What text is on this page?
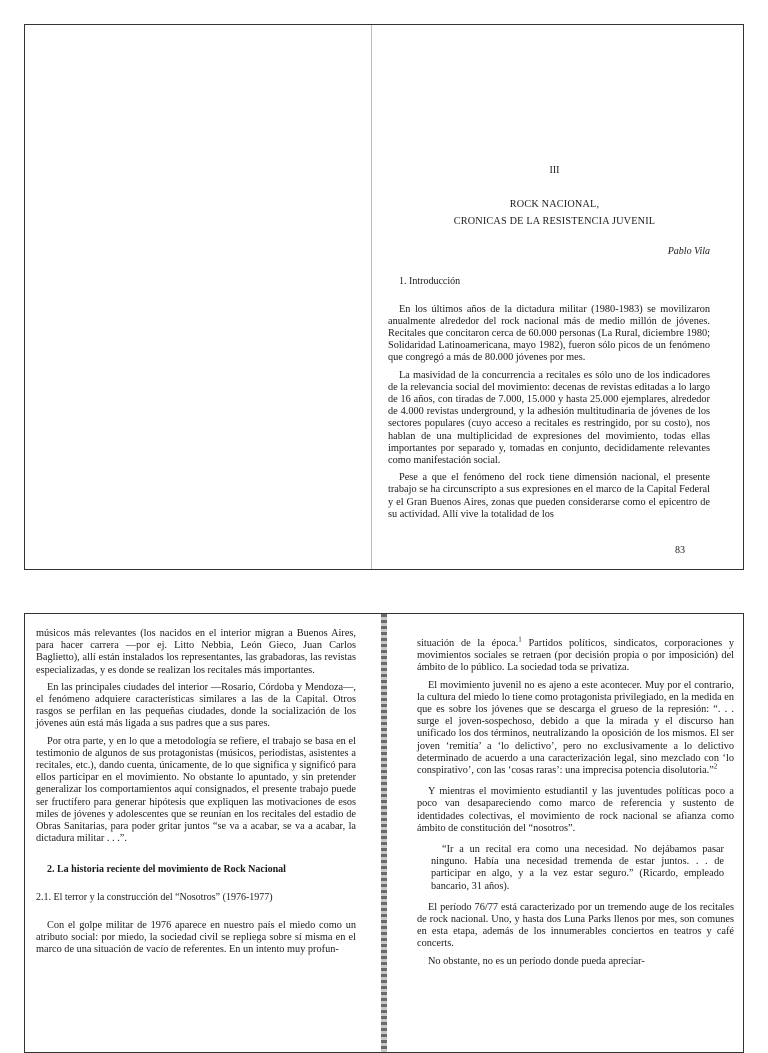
III

ROCK NACIONAL,

CRONICAS DE LA RESISTENCIA JUVENIL

Pablo Vila

1. Introducción

En los últimos años de la dictadura militar (1980-1983) se movilizaron anualmente alrededor del rock nacional más de medio millón de jóvenes. Recitales que concitaron cerca de 60.000 personas (La Rural, diciembre 1980; Solidaridad Latinoamericana, mayo 1982), fueron sólo picos de un fenómeno que congregó a más de 80.000 jóvenes por mes.

La masividad de la concurrencia a recitales es sólo uno de los indicadores de la relevancia social del movimiento: decenas de revistas editadas a lo largo de 16 años, con tiradas de 7.000, 15.000 y hasta 25.000 ejemplares, alrededor de 4.000 revistas underground, y la adhesión multitudinaria de jóvenes de los sectores populares (cuyo acceso a recitales es restringido, por su costo), nos hablan de una multiplicidad de expresiones del movimiento, todas ellas importantes por separado y, tomadas en conjunto, decididamente relevantes como manifestación social.

Pese a que el fenómeno del rock tiene dimensión nacional, el presente trabajo se ha circunscripto a sus expresiones en el marco de la Capital Federal y el Gran Buenos Aires, zonas que pueden considerarse como el epicentro de su actividad. Allí vive la totalidad de los

83

músicos más relevantes (los nacidos en el interior migran a Buenos Aires, para hacer carrera —por ej. Litto Nebbia, León Gieco, Juan Carlos Baglietto), allí están instalados los representantes, las grabadoras, las revistas especializadas, y es donde se realizan los recitales más importantes.

En las principales ciudades del interior —Rosario, Córdoba y Mendoza—, el fenómeno adquiere características similares a las de la Capital. Otros rasgos se perfilan en las pequeñas ciudades, donde la socialización de los jóvenes aún está más ligada a sus padres que a sus pares.

Por otra parte, y en lo que a metodología se refiere, el trabajo se basa en el testimonio de algunos de sus protagonistas (músicos, periodistas, asistentes a recitales, etc.), dando cuenta, únicamente, de lo que significa y significó para ellos participar en el movimiento. No obstante lo apuntado, y sin pretender generalizar los comportamientos aquí consignados, el presente trabajo puede ser fructífero para generar hipótesis que expliquen las motivaciones de esos miles de jóvenes y adolescentes que se reunían en los recitales del estadio de Obras Sanitarias, para poder gritar juntos “se va a acabar, se va a acabar, la dictadura militar . . .”.

2. La historia reciente del movimiento de Rock Nacional

2.1. El terror y la construcción del “Nosotros” (1976-1977)

Con el golpe militar de 1976 aparece en nuestro país el miedo como un atributo social: por miedo, la sociedad civil se repliega sobre sí misma en el marco de una situación de vacío de referentes. En un intento muy profun-

situación de la época.$^1$ Partidos políticos, sindicatos, corporaciones y movimientos sociales se retraen (por decisión propia o por imposición) del ámbito de lo público. La sociedad toda se privatiza.

El movimiento juvenil no es ajeno a este acontecer. Muy por el contrario, la cultura del miedo lo tiene como protagonista privilegiado, en la medida en que es sobre los jóvenes que se descarga el grueso de la represión: “. . . surge el joven-sospechoso, debido a que la mirada y el discurso han unificado los dos términos, neutralizando la oposición de los mismos. El ser joven ‘remitía’ a ‘lo delictivo’, pero no exclusivamente a lo delictivo determinado de acuerdo a una caracterización legal, sino mezclado con ‘lo conspirativo’, con las ‘cosas raras’: una imprecisa potencia disolutoria.”$^2$

Y mientras el movimiento estudiantil y las juventudes políticas poco a poco van desapareciendo como marco de referencia y sustento de identidades colectivas, el movimiento de rock nacional se afianza como ámbito de constitución del “nosotros”.

“Ir a un recital era como una necesidad. No dejábamos pasar ninguno. Había una necesidad tremenda de estar juntos. . . de participar en algo, y a la vez estar seguro.” (Ricardo, empleado bancario, 31 años).

El período 76/77 está caracterizado por un tremendo auge de los recitales de rock nacional. Uno, y hasta dos Luna Parks llenos por mes, son comunes en esta etapa, además de los innumerables conciertos en teatros y café concerts.

No obstante, no es un período donde pueda apreciar-
